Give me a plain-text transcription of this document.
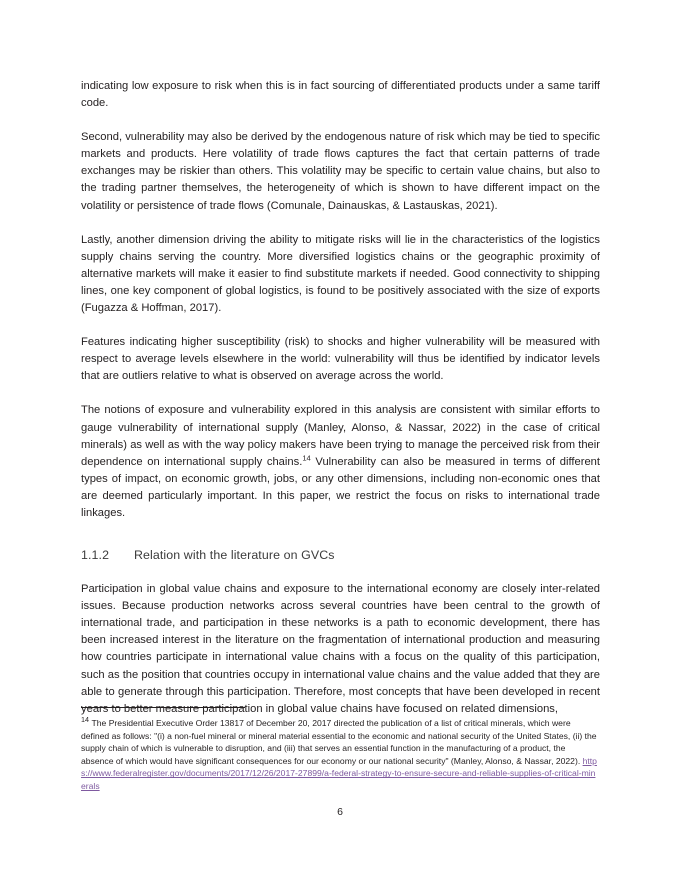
indicating low exposure to risk when this is in fact sourcing of differentiated products under a same tariff code.

Second, vulnerability may also be derived by the endogenous nature of risk which may be tied to specific markets and products. Here volatility of trade flows captures the fact that certain patterns of trade exchanges may be riskier than others. This volatility may be specific to certain value chains, but also to the trading partner themselves, the heterogeneity of which is shown to have different impact on the volatility or persistence of trade flows (Comunale, Dainauskas, & Lastauskas, 2021).

Lastly, another dimension driving the ability to mitigate risks will lie in the characteristics of the logistics supply chains serving the country. More diversified logistics chains or the geographic proximity of alternative markets will make it easier to find substitute markets if needed. Good connectivity to shipping lines, one key component of global logistics, is found to be positively associated with the size of exports (Fugazza & Hoffman, 2017).

Features indicating higher susceptibility (risk) to shocks and higher vulnerability will be measured with respect to average levels elsewhere in the world: vulnerability will thus be identified by indicator levels that are outliers relative to what is observed on average across the world.

The notions of exposure and vulnerability explored in this analysis are consistent with similar efforts to gauge vulnerability of international supply (Manley, Alonso, & Nassar, 2022) in the case of critical minerals) as well as with the way policy makers have been trying to manage the perceived risk from their dependence on international supply chains.$^{14}$ Vulnerability can also be measured in terms of different types of impact, on economic growth, jobs, or any other dimensions, including non-economic ones that are deemed particularly important. In this paper, we restrict the focus on risks to international trade linkages.

1.1.2	Relation with the literature on GVCs

Participation in global value chains and exposure to the international economy are closely inter-related issues. Because production networks across several countries have been central to the growth of international trade, and participation in these networks is a path to economic development, there has been increased interest in the literature on the fragmentation of international production and measuring how countries participate in international value chains with a focus on the quality of this participation, such as the position that countries occupy in international value chains and the value added that they are able to generate through this participation. Therefore, most concepts that have been developed in recent years to better measure participation in global value chains have focused on related dimensions,

$^{14}$ The Presidential Executive Order 13817 of December 20, 2017 directed the publication of a list of critical minerals, which were defined as follows: "(i) a non-fuel mineral or mineral material essential to the economic and national security of the United States, (ii) the supply chain of which is vulnerable to disruption, and (iii) that serves an essential function in the manufacturing of a product, the absence of which would have significant consequences for our economy or our national security" (Manley, Alonso, & Nassar, 2022). https://www.federalregister.gov/documents/2017/12/26/2017-27899/a-federal-strategy-to-ensure-secure-and-reliable-supplies-of-critical-minerals

6
